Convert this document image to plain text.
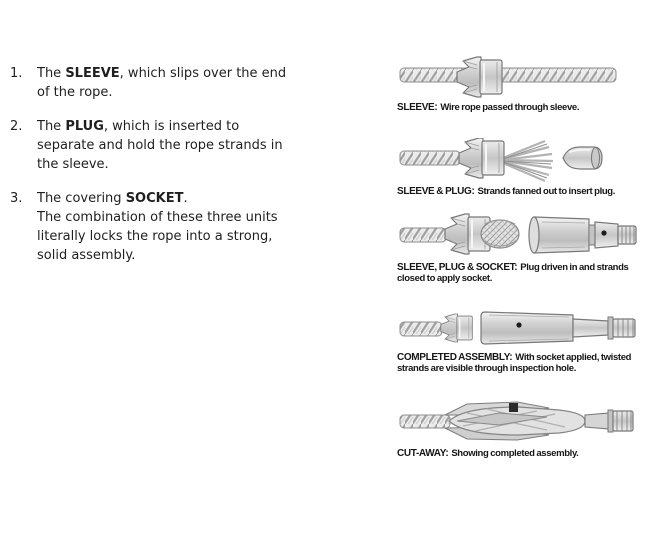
1.	The SLEEVE, which slips over the end
of the rope.
2.	The PLUG, which is inserted to
separate and hold the rope strands in
the sleeve.
3.	The covering SOCKET.
The combination of these three units
literally locks the rope into a strong,
solid assembly.
SLEEVE: Wire rope passed through sleeve.
SLEEVE & PLUG: Strands fanned out to insert plug.
SLEEVE, PLUG & SOCKET: Plug driven in and strands closed to apply socket.
COMPLETED ASSEMBLY: With socket applied, twisted strands are visible through inspection hole.
CUT-AWAY: Showing completed assembly.
